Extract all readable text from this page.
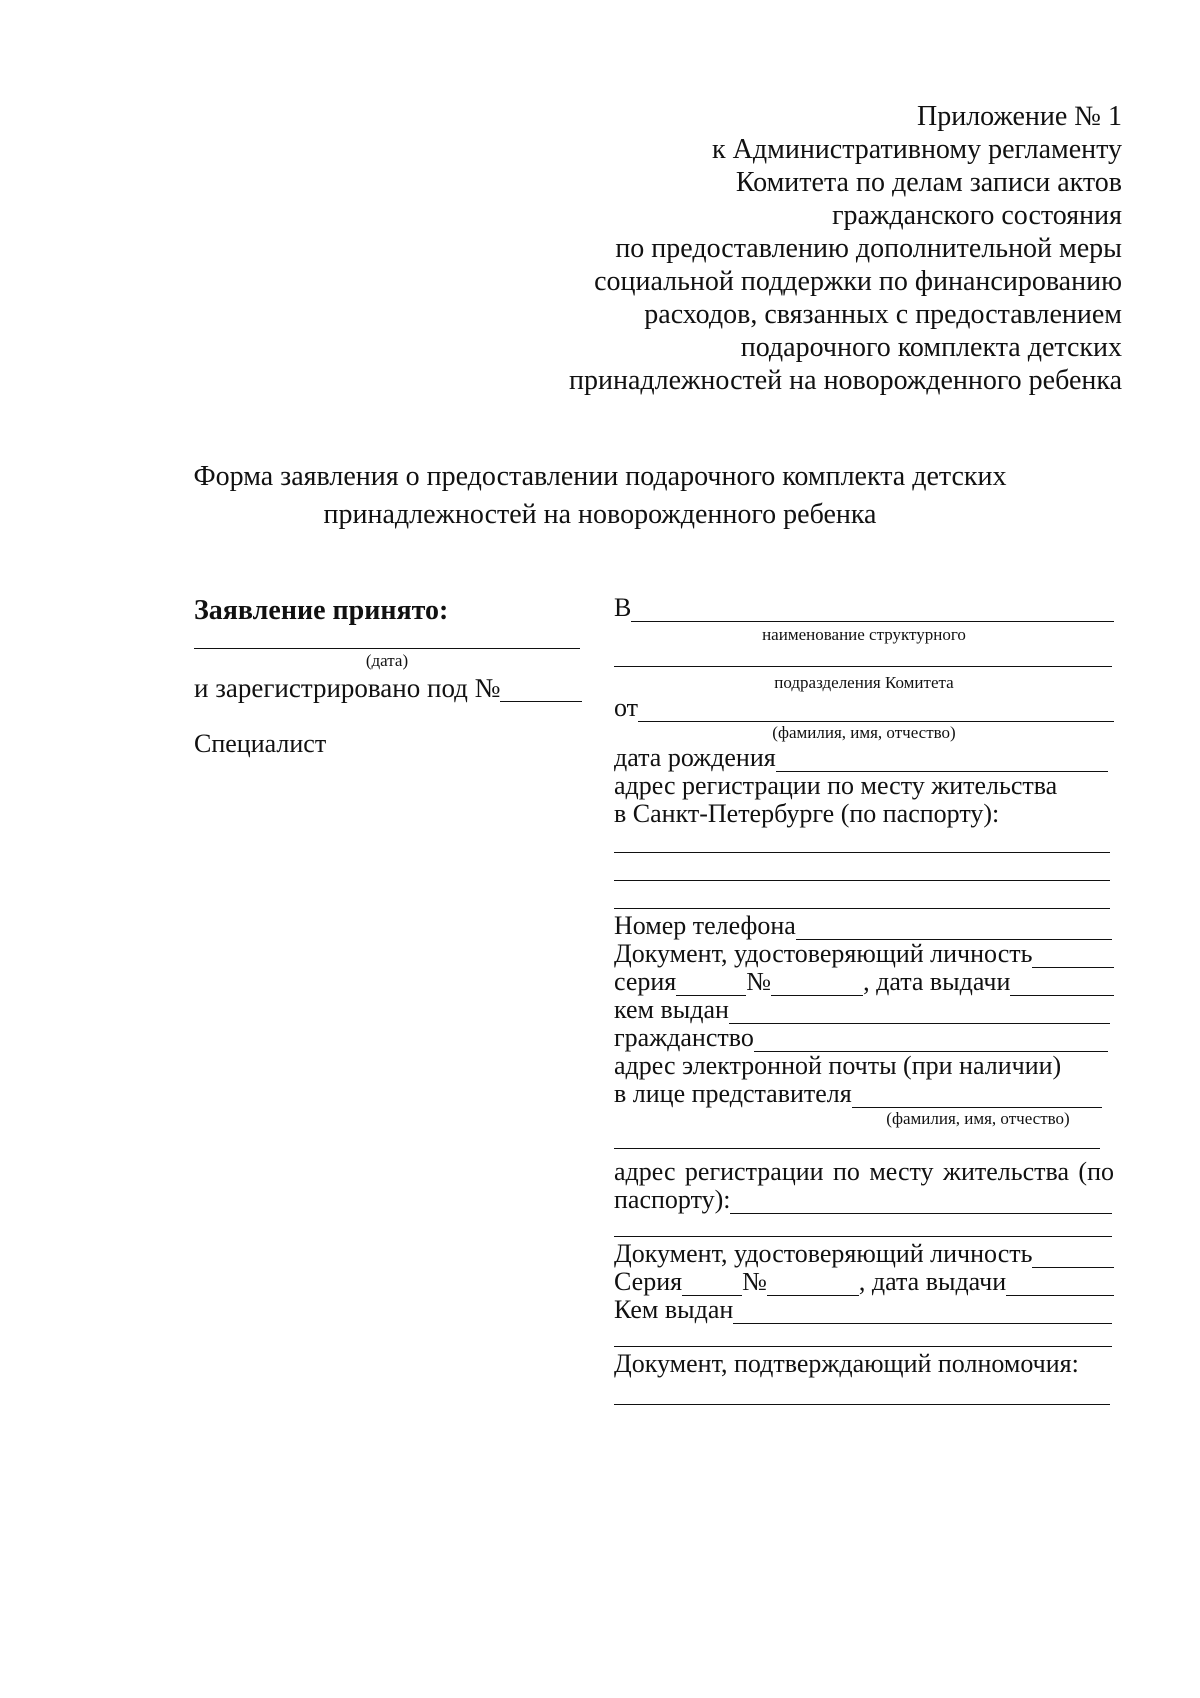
Приложение № 1
к Административному регламенту
Комитета по делам записи актов
гражданского состояния
по предоставлению дополнительной меры
социальной поддержки по финансированию
расходов, связанных с предоставлением
подарочного комплекта детских
принадлежностей на новорожденного ребенка
Форма заявления о предоставлении подарочного комплекта детских
принадлежностей на новорожденного ребенка
Заявление принято:
(дата)
и зарегистрировано под №
Специалист
В
наименование структурного
подразделения Комитета
от
(фамилия, имя, отчество)
дата рождения
адрес регистрации по месту жительства
в Санкт-Петербурге (по паспорту):
Номер телефона
Документ, удостоверяющий личность
серия	№	, дата выдачи
кем выдан
гражданство
адрес электронной почты (при наличии)
в лице представителя
(фамилия, имя, отчество)
адрес регистрации по месту жительства (по
паспорту):
Документ, удостоверяющий личность
Серия №	, дата выдачи
Кем выдан
Документ, подтверждающий полномочия:
